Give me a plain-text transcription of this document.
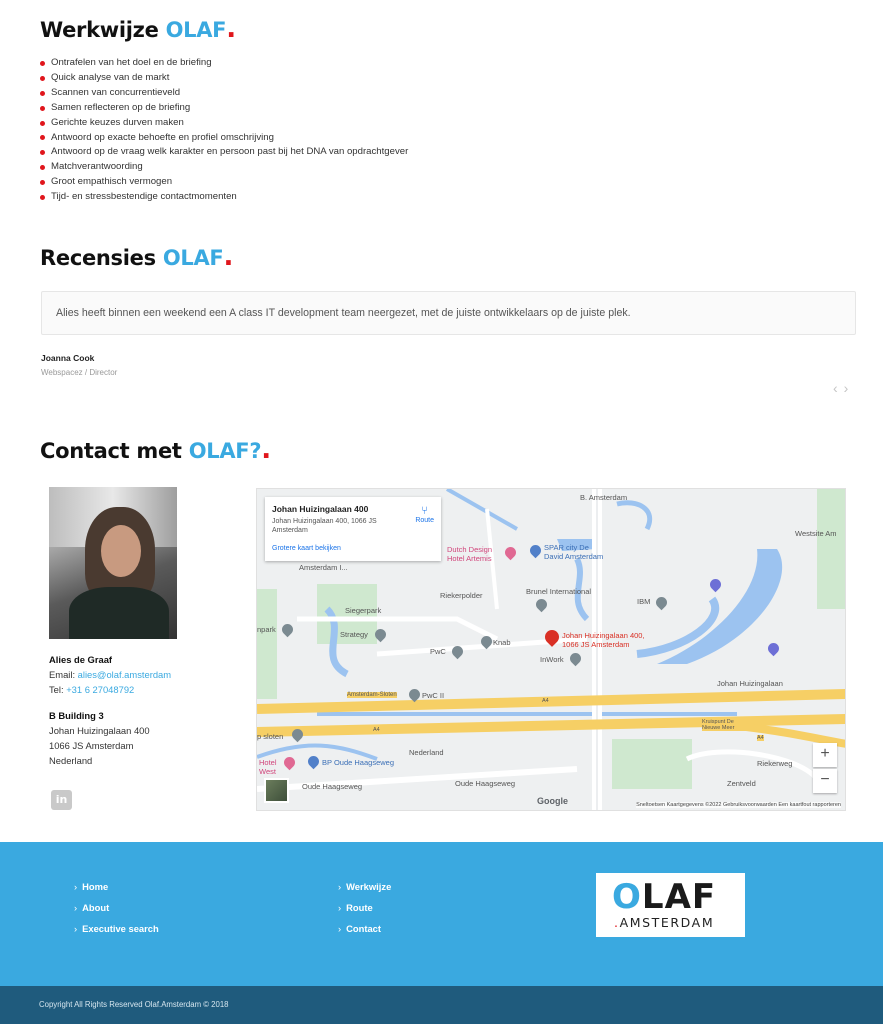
Werkwijze OLAF.
Ontrafelen van het doel en de briefing
Quick analyse van de markt
Scannen van concurrentieveld
Samen reflecteren op de briefing
Gerichte keuzes durven maken
Antwoord op exacte behoefte en profiel omschrijving
Antwoord op de vraag welk karakter en persoon past bij het DNA van opdrachtgever
Matchverantwoording
Groot empathisch vermogen
Tijd- en stressbestendige contactmomenten
Recensies OLAF.
Alies heeft binnen een weekend een A class IT development team neergezet, met de juiste ontwikkelaars op de juiste plek.
Joanna Cook
Webspacez / Director
‹ ›
Contact met OLAF?.
Alies de Graaf
Email: alies@olaf.amsterdam
Tel: +31 6 27048792
B Building 3
Johan Huizingalaan 400
1066 JS Amsterdam
Nederland
in
Johan Huizingalaan 400
Johan Huizingalaan 400, 1066 JS Amsterdam
Grotere kaart bekijken
⑂
Route
B. Amsterdam
Westsite Am
Dutch Design
Hotel Artemis
SPAR city De
David Amsterdam
Amsterdam I...
Riekerpolder	Brunel International
IBM
Siegerpark
npark
Strategy
PwC
Knab
Johan Huizingalaan 400,
1066 JS Amsterdam
InWork
Amsterdam-Sloten	PwC II
Johan Huizingalaan
p sloten
Kruispunt De Nieuwe Meer
Nederland
BP Oude Haagseweg
Hotel West
Riekerweg
Zentveld
Oude Haagseweg	Oude Haagseweg
A4
A4
A4
+
−
Google	Sneltoetsen Kaartgegevens ©2022 Gebruiksvoorwaarden Een kaartfout rapporteren
› Home
› About
› Executive search
› Werkwijze
› Route
› Contact
OLAF
.AMSTERDAM
Copyright All Rights Reserved Olaf.Amsterdam © 2018
